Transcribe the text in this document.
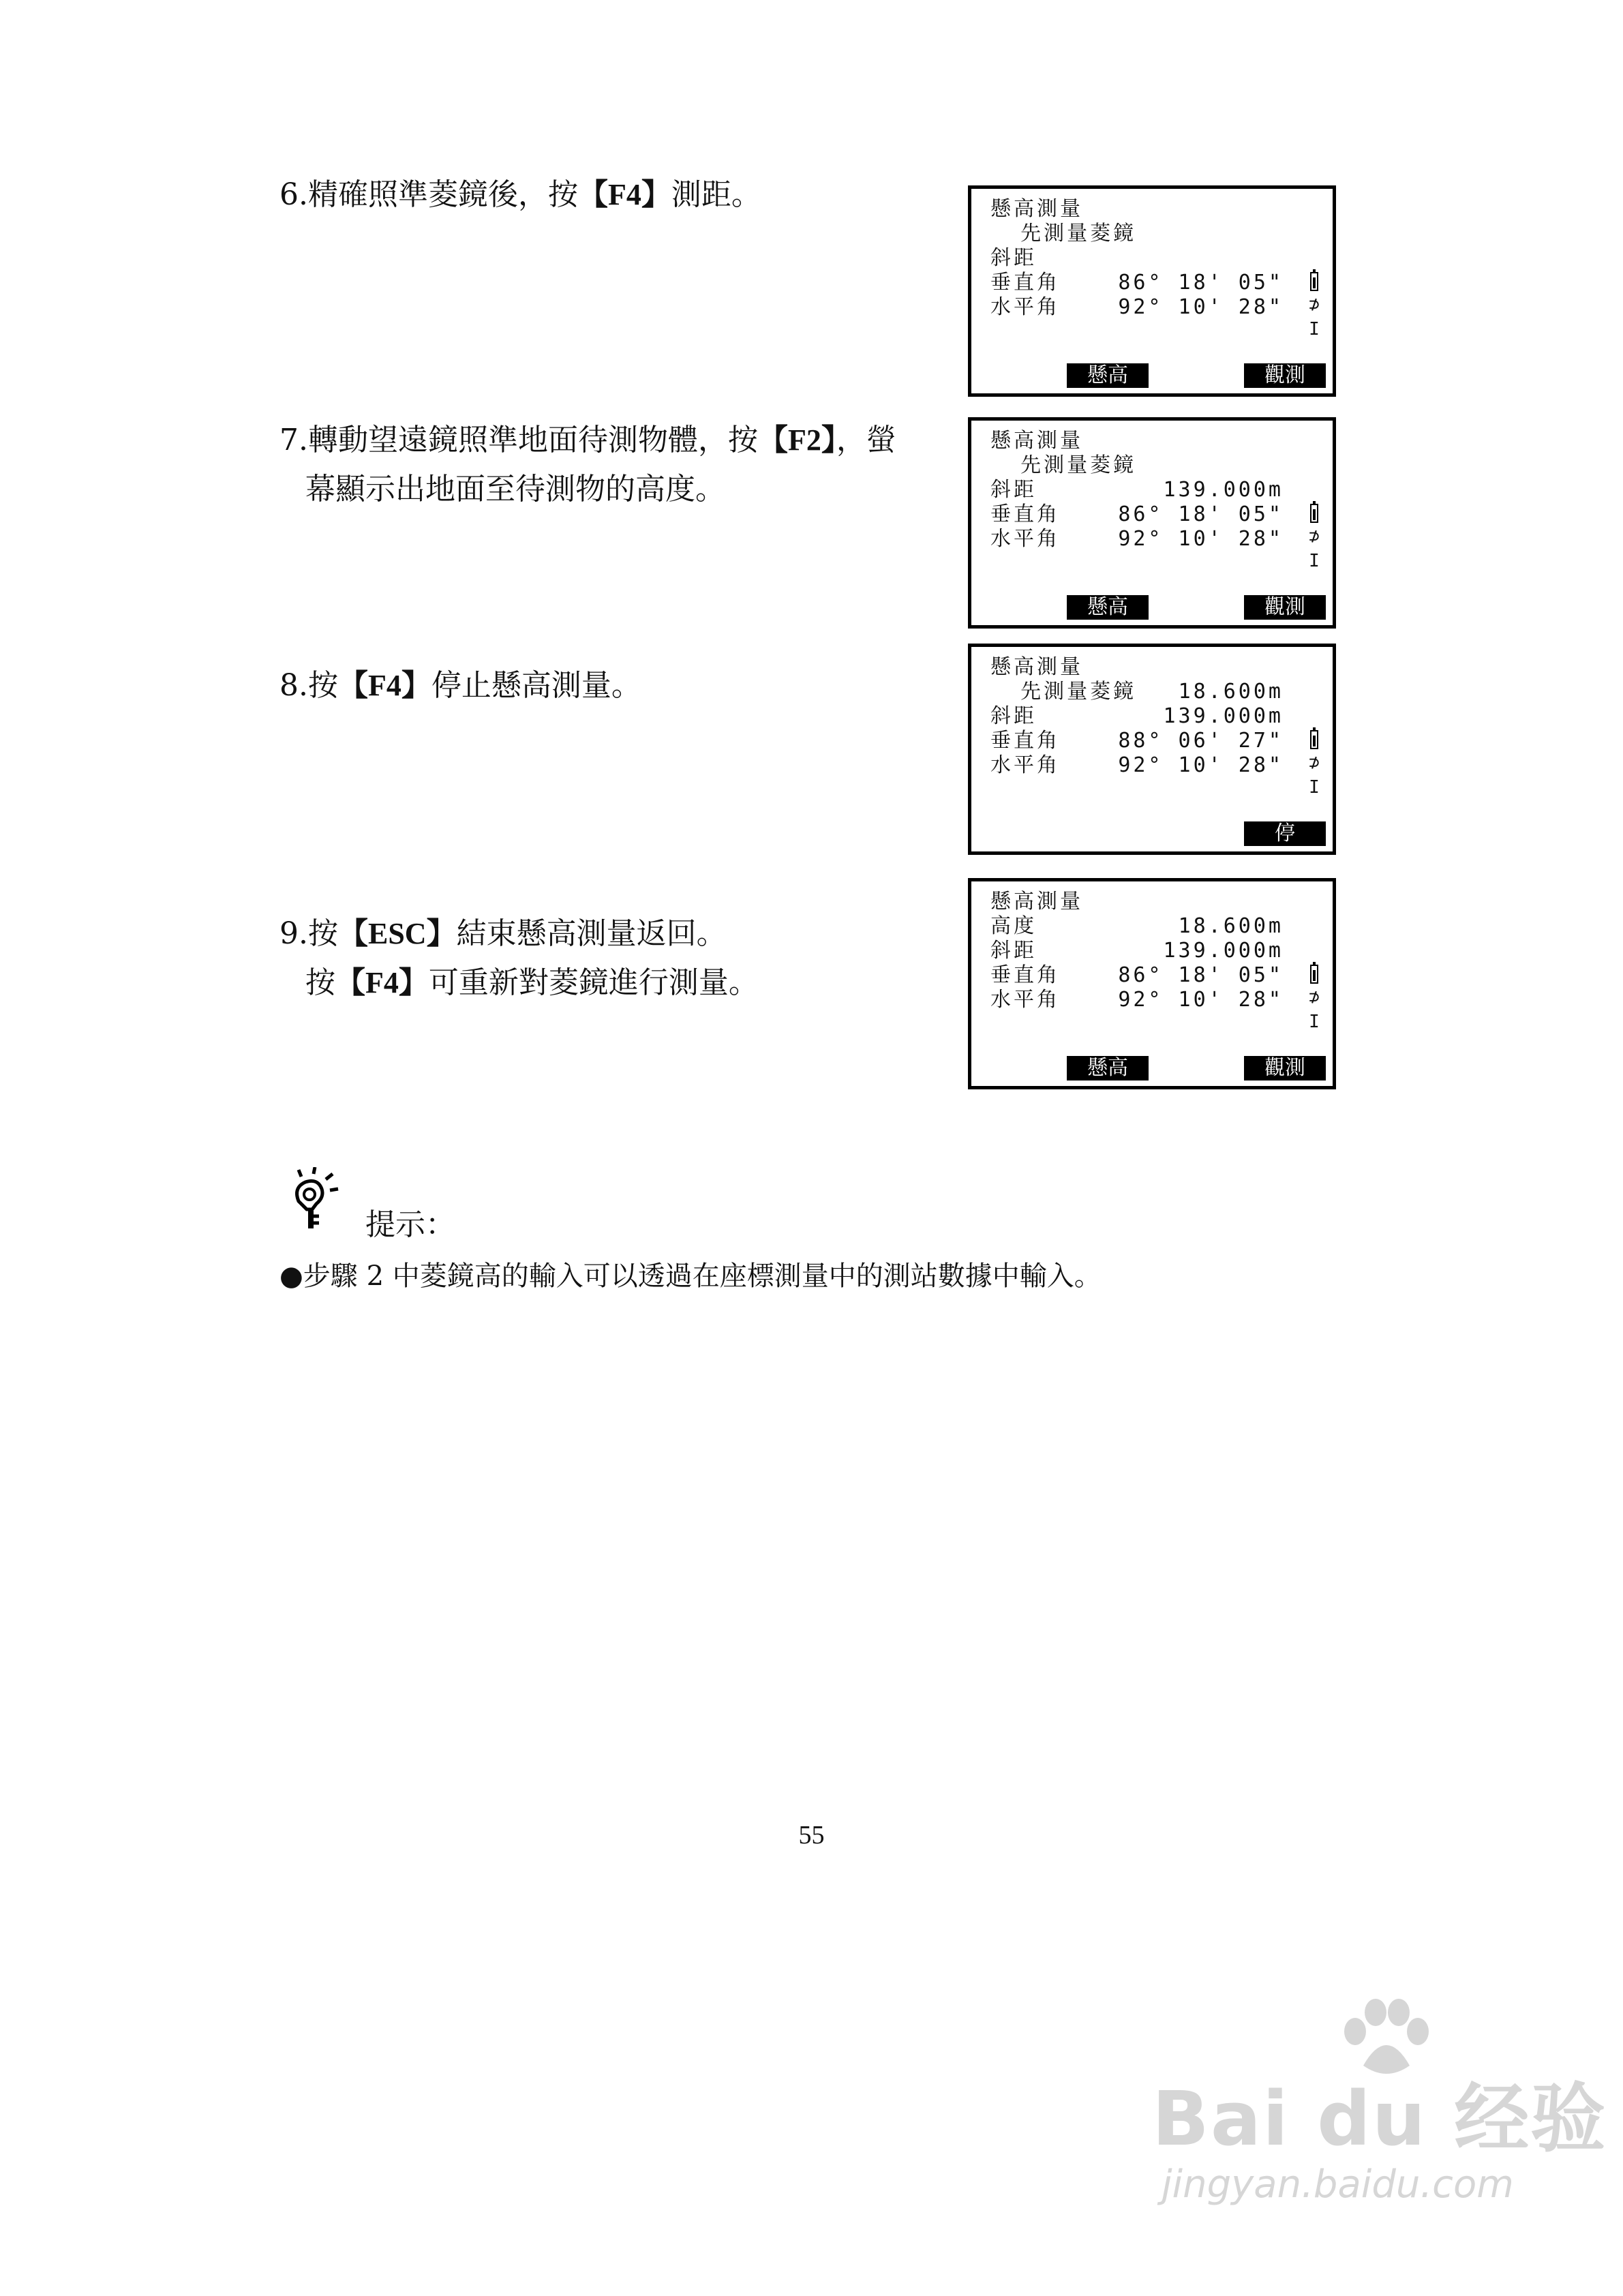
6.精確照準菱鏡後，按【F4】測距。
7.轉動望遠鏡照準地面待測物體，按【F2】，螢
幕顯示出地面至待測物的高度。
8.按【F4】停止懸高測量。
9.按【ESC】結束懸高測量返回。
按【F4】可重新對菱鏡進行測量。
懸高測量
先測量菱鏡
斜距
垂直角	86° 18' 05"
水平角	92° 10' 28" ⊅
I
懸高	觀測
懸高測量
先測量菱鏡
斜距	139.000m
垂直角	86° 18' 05"
水平角	92° 10' 28" ⊅
I
懸高	觀測
懸高測量
先測量菱鏡 18.600m
斜距	139.000m
垂直角	88° 06' 27"
水平角	92° 10' 28" ⊅
I
停
懸高測量
高度	18.600m
斜距	139.000m
垂直角	86° 18' 05"
水平角	92° 10' 28" ⊅
I
懸高	觀測
提示：
●步驟 2 中菱鏡高的輸入可以透過在座標測量中的測站數據中輸入。
55
Bai du 经验
jingyan.baidu.com
